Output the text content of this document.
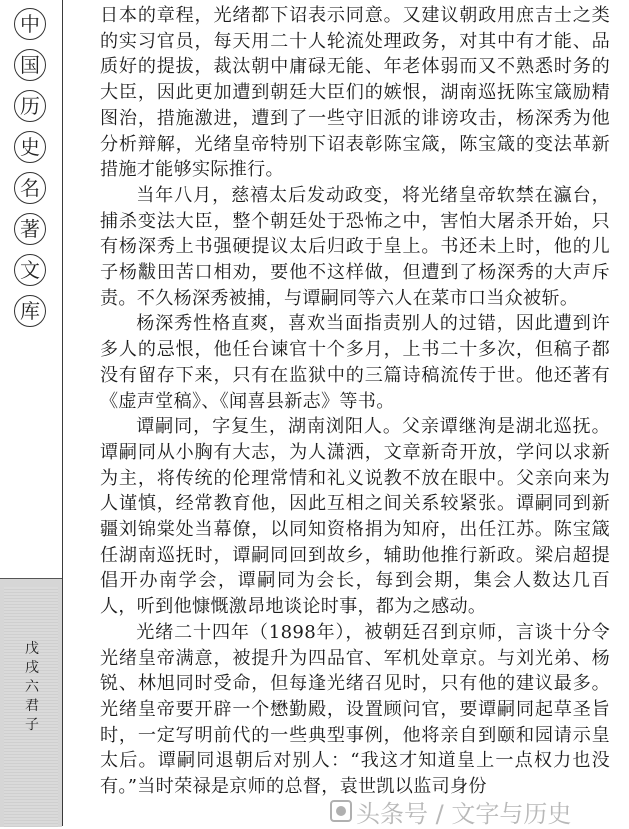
中
国
历
史
名
著
文
库
戊戌六君子

日本的章程，光绪都下诏表示同意。又建议朝政用庶吉士之类的实习官员，每天用二十人轮流处理政务，对其中有才能、品质好的提拔，裁汰朝中庸碌无能、年老体弱而又不熟悉时务的大臣，因此更加遭到朝廷大臣们的嫉恨，湖南巡抚陈宝箴励精图治，措施激进，遭到了一些守旧派的诽谤攻击，杨深秀为他分析辩解，光绪皇帝特别下诏表彰陈宝箴，陈宝箴的变法革新措施才能够实际推行。

当年八月，慈禧太后发动政变，将光绪皇帝软禁在瀛台，捕杀变法大臣，整个朝廷处于恐怖之中，害怕大屠杀开始，只有杨深秀上书强硬提议太后归政于皇上。书还未上时，他的儿子杨黻田苦口相劝，要他不这样做，但遭到了杨深秀的大声斥责。不久杨深秀被捕，与谭嗣同等六人在菜市口当众被斩。

杨深秀性格直爽，喜欢当面指责别人的过错，因此遭到许多人的忌恨，他任台谏官十个多月，上书二十多次，但稿子都没有留存下来，只有在监狱中的三篇诗稿流传于世。他还著有《虚声堂稿》、《闻喜县新志》等书。

谭嗣同，字复生，湖南浏阳人。父亲谭继洵是湖北巡抚。谭嗣同从小胸有大志，为人潇洒，文章新奇开放，学问以求新为主，将传统的伦理常情和礼义说教不放在眼中。父亲向来为人谨慎，经常教育他，因此互相之间关系较紧张。谭嗣同到新疆刘锦棠处当幕僚，以同知资格捐为知府，出任江苏。陈宝箴任湖南巡抚时，谭嗣同回到故乡，辅助他推行新政。梁启超提倡开办南学会，谭嗣同为会长，每到会期，集会人数达几百人，听到他慷慨激昂地谈论时事，都为之感动。

光绪二十四年（1898年），被朝廷召到京师，言谈十分令光绪皇帝满意，被提升为四品官、军机处章京。与刘光弟、杨锐、林旭同时受命，但每逢光绪召见时，只有他的建议最多。光绪皇帝要开辟一个懋勤殿，设置顾问官，要谭嗣同起草圣旨时，一定写明前代的一些典型事例，他将亲自到颐和园请示皇太后。谭嗣同退朝后对别人：“我这才知道皇上一点权力也没有。”当时荣禄是京师的总督，袁世凯以监司身份

头条号 / 文字与历史
